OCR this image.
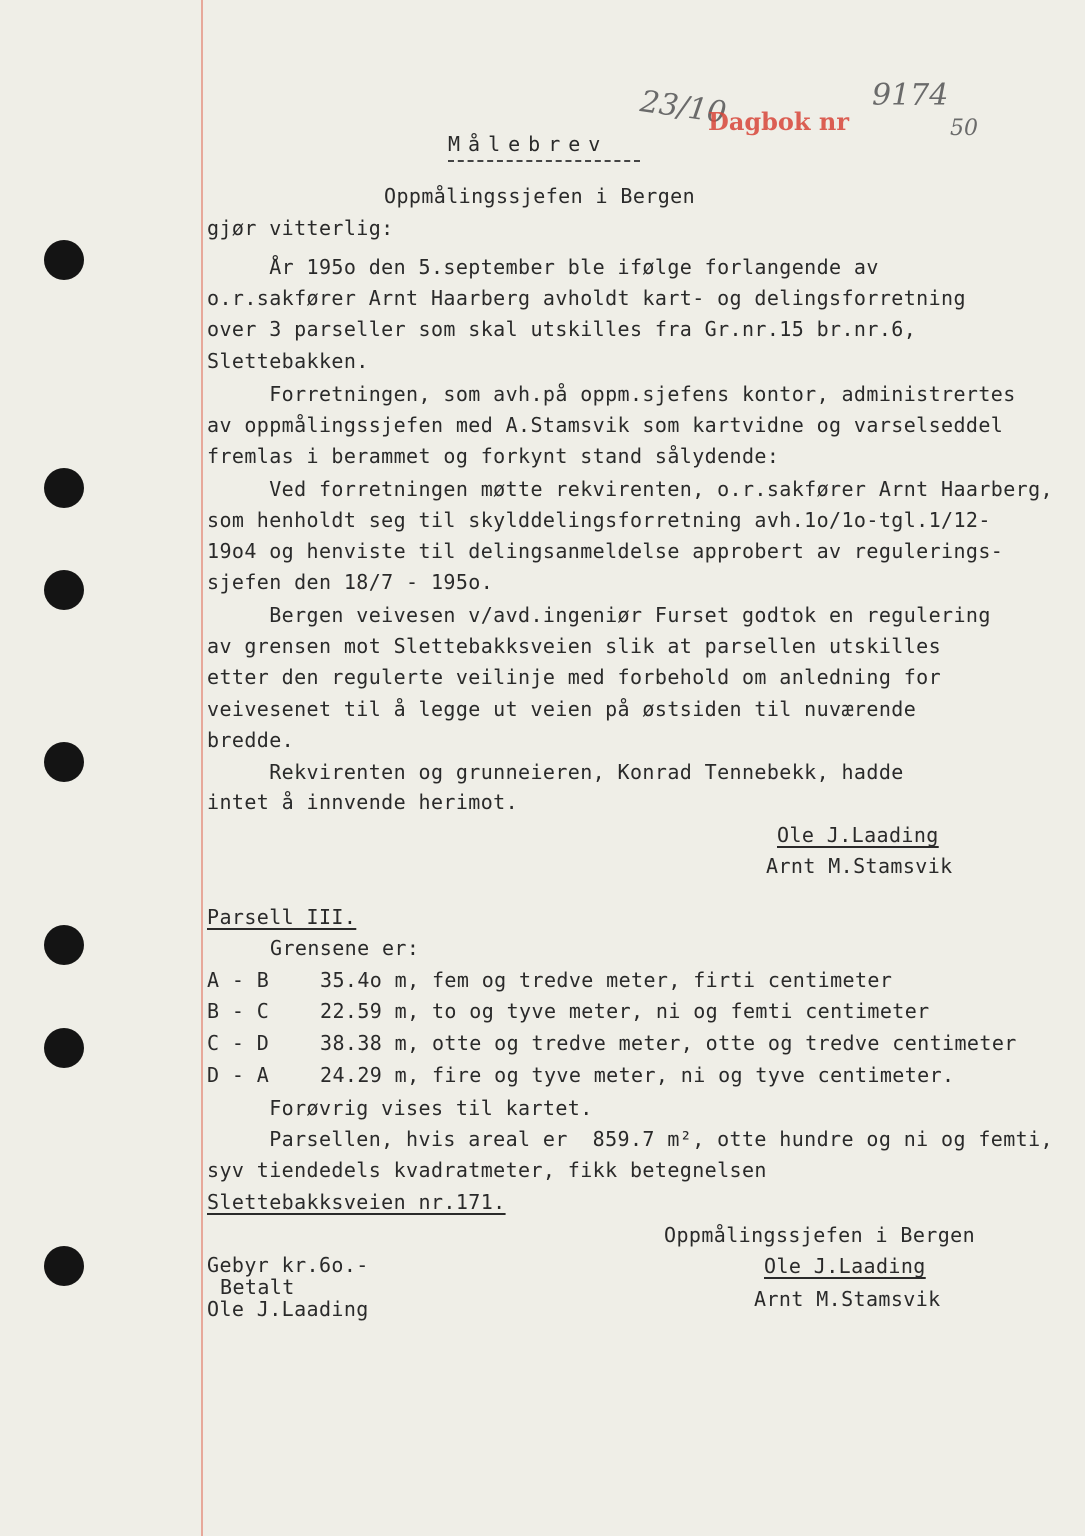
23/10
Dagbok nr
9174
50
Målebrev
Oppmålingssjefen i Bergen
gjør vitterlig:
År 195o den 5.september ble ifølge forlangende av
o.r.sakfører Arnt Haarberg avholdt kart- og delingsforretning
over 3 parseller som skal utskilles fra Gr.nr.15 br.nr.6,
Slettebakken.
Forretningen, som avh.på oppm.sjefens kontor, administrertes
av oppmålingssjefen med A.Stamsvik som kartvidne og varselseddel
fremlas i berammet og forkynt stand sålydende:
Ved forretningen møtte rekvirenten, o.r.sakfører Arnt Haarberg,
som henholdt seg til skylddelingsforretning avh.1o/1o-tgl.1/12-
19o4 og henviste til delingsanmeldelse approbert av regulerings-
sjefen den 18/7 - 195o.
Bergen veivesen v/avd.ingeniør Furset godtok en regulering
av grensen mot Slettebakksveien slik at parsellen utskilles
etter den regulerte veilinje med forbehold om anledning for
veivesenet til å legge ut veien på østsiden til nuværende
bredde.
Rekvirenten og grunneieren, Konrad Tennebekk, hadde
intet å innvende herimot.
Ole J.Laading
Arnt M.Stamsvik
Parsell III.
Grensene er:
A - B	35.4o m, fem og tredve meter, firti centimeter
B - C	22.59 m, to og tyve meter, ni og femti centimeter
C - D	38.38 m, otte og tredve meter, otte og tredve centimeter
D - A	24.29 m, fire og tyve meter, ni og tyve centimeter.
Forøvrig vises til kartet.
Parsellen, hvis areal er  859.7 m², otte hundre og ni og femti,
syv tiendedels kvadratmeter, fikk betegnelsen
Slettebakksveien nr.171.
Oppmålingssjefen i Bergen
Ole J.Laading
Arnt M.Stamsvik
Gebyr kr.6o.-
Betalt
Ole J.Laading
